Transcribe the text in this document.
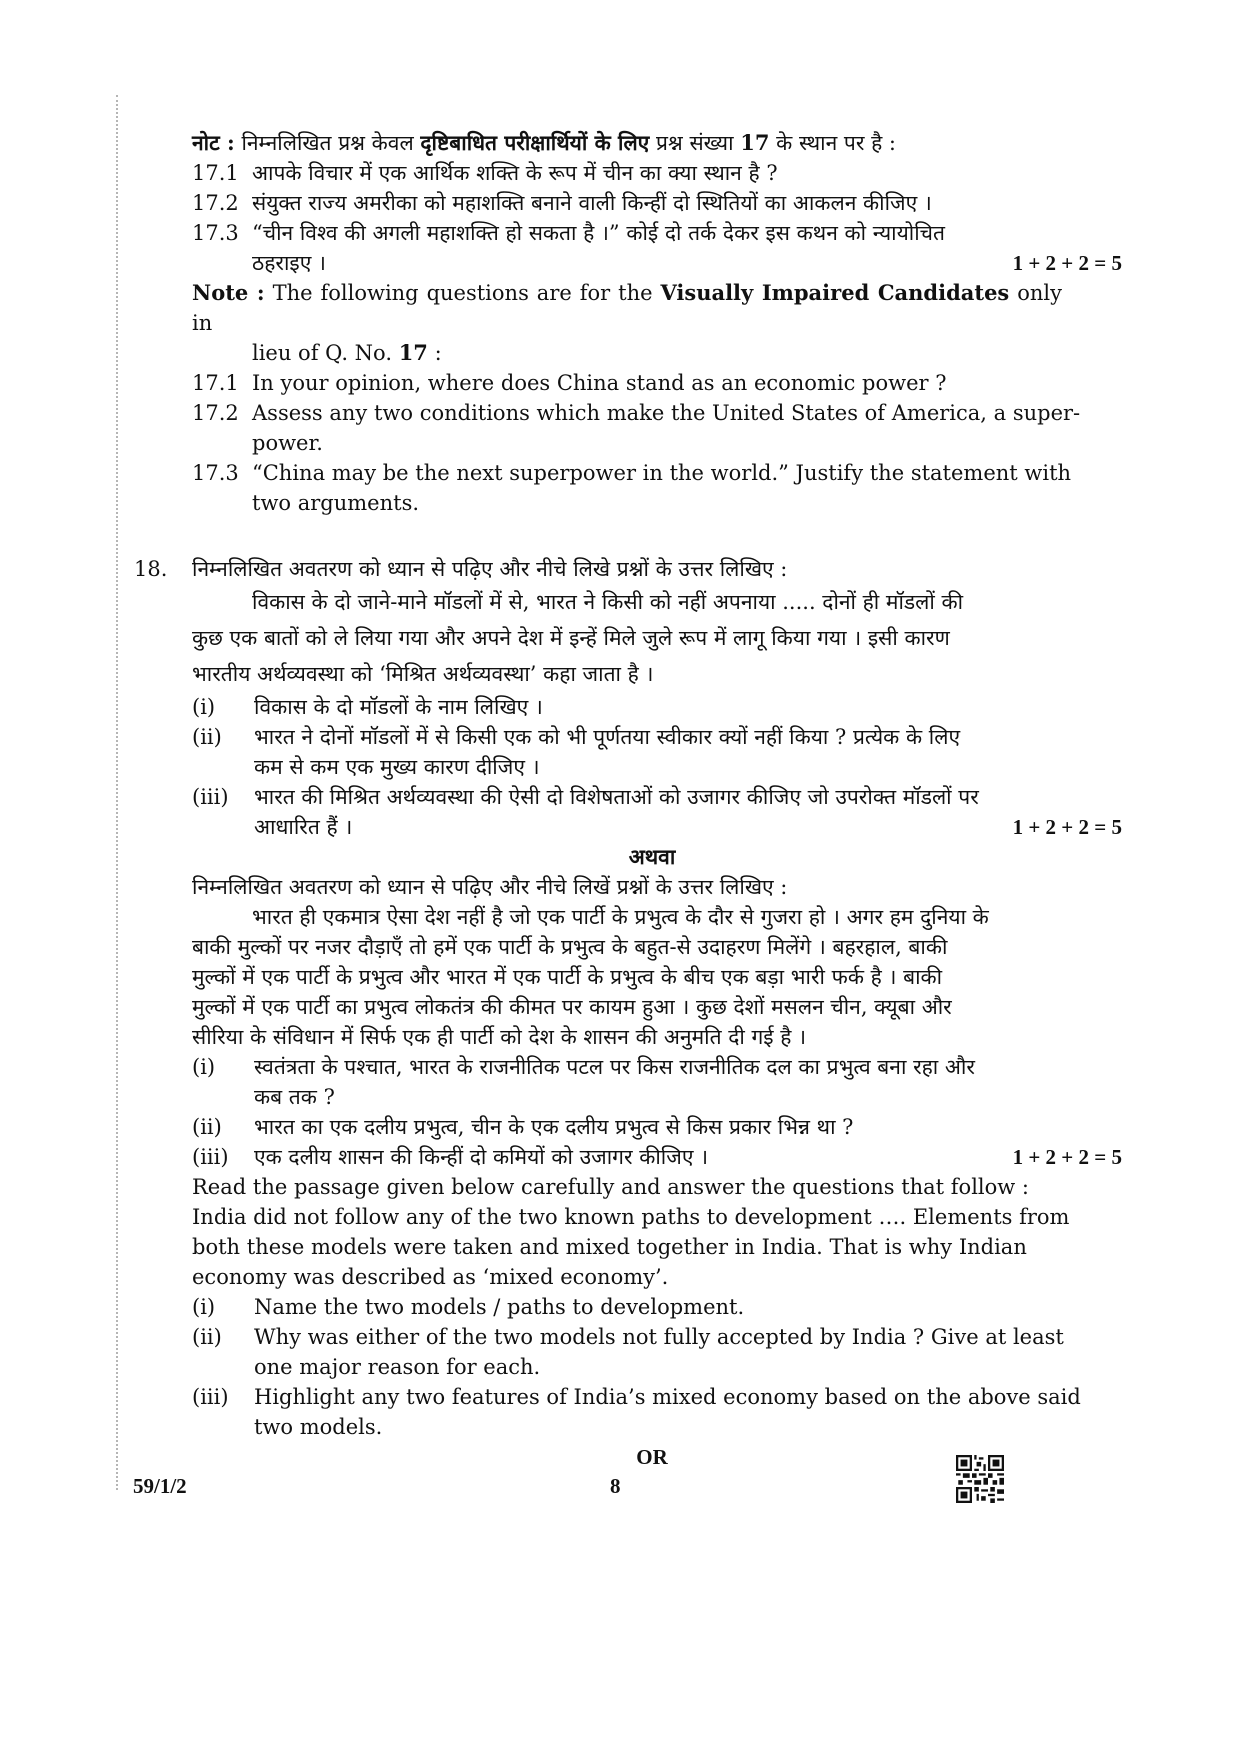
नोट : निम्नलिखित प्रश्न केवल दृष्टिबाधित परीक्षार्थियों के लिए प्रश्न संख्या 17 के स्थान पर है :
17.1 आपके विचार में एक आर्थिक शक्ति के रूप में चीन का क्या स्थान है ?
17.2 संयुक्त राज्य अमरीका को महाशक्ति बनाने वाली किन्हीं दो स्थितियों का आकलन कीजिए ।
17.3 “चीन विश्व की अगली महाशक्ति हो सकता है ।” कोई दो तर्क देकर इस कथन को न्यायोचित
ठहराइए ।	1 + 2 + 2 = 5
Note : The following questions are for the Visually Impaired Candidates only in
lieu of Q. No. 17 :
17.1 In your opinion, where does China stand as an economic power ?
17.2 Assess any two conditions which make the United States of America, a super-
power.
17.3 “China may be the next superpower in the world.” Justify the statement with
two arguments.
18. निम्नलिखित अवतरण को ध्यान से पढ़िए और नीचे लिखे प्रश्नों के उत्तर लिखिए :
विकास के दो जाने-माने मॉडलों में से, भारत ने किसी को नहीं अपनाया ..... दोनों ही मॉडलों की
कुछ एक बातों को ले लिया गया और अपने देश में इन्हें मिले जुले रूप में लागू किया गया । इसी कारण
भारतीय अर्थव्यवस्था को ‘मिश्रित अर्थव्यवस्था’ कहा जाता है ।
(i)	विकास के दो मॉडलों के नाम लिखिए ।
(ii)	भारत ने दोनों मॉडलों में से किसी एक को भी पूर्णतया स्वीकार क्यों नहीं किया ? प्रत्येक के लिए
कम से कम एक मुख्य कारण दीजिए ।
(iii)	भारत की मिश्रित अर्थव्यवस्था की ऐसी दो विशेषताओं को उजागर कीजिए जो उपरोक्त मॉडलों पर
आधारित हैं ।	1 + 2 + 2 = 5
अथवा
निम्नलिखित अवतरण को ध्यान से पढ़िए और नीचे लिखें प्रश्नों के उत्तर लिखिए :
भारत ही एकमात्र ऐसा देश नहीं है जो एक पार्टी के प्रभुत्व के दौर से गुजरा हो । अगर हम दुनिया के
बाकी मुल्कों पर नजर दौड़ाएँ तो हमें एक पार्टी के प्रभुत्व के बहुत-से उदाहरण मिलेंगे । बहरहाल, बाकी
मुल्कों में एक पार्टी के प्रभुत्व और भारत में एक पार्टी के प्रभुत्व के बीच एक बड़ा भारी फर्क है । बाकी
मुल्कों में एक पार्टी का प्रभुत्व लोकतंत्र की कीमत पर कायम हुआ । कुछ देशों मसलन चीन, क्यूबा और
सीरिया के संविधान में सिर्फ एक ही पार्टी को देश के शासन की अनुमति दी गई है ।
(i)	स्वतंत्रता के पश्चात, भारत के राजनीतिक पटल पर किस राजनीतिक दल का प्रभुत्व बना रहा और
कब तक ?
(ii)	भारत का एक दलीय प्रभुत्व, चीन के एक दलीय प्रभुत्व से किस प्रकार भिन्न था ?
(iii)	एक दलीय शासन की किन्हीं दो कमियों को उजागर कीजिए ।	1 + 2 + 2 = 5
Read the passage given below carefully and answer the questions that follow :
India did not follow any of the two known paths to development …. Elements from
both these models were taken and mixed together in India. That is why Indian
economy was described as ‘mixed economy’.
(i)	Name the two models / paths to development.
(ii)	Why was either of the two models not fully accepted by India ? Give at least
one major reason for each.
(iii)	Highlight any two features of India’s mixed economy based on the above said
two models.
OR
59/1/2	8
